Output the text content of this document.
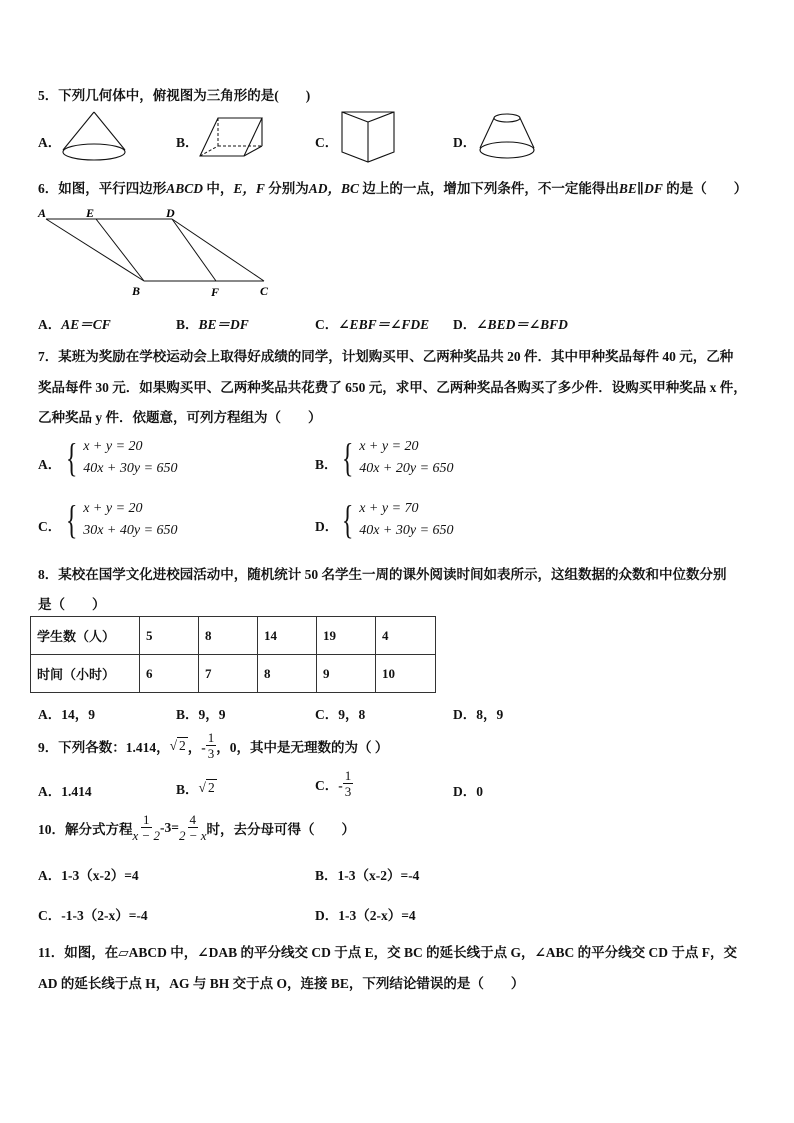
5．下列几何体中，俯视图为三角形的是(　　)
A．	B．	C．	D．
6．如图，平行四边形ABCD 中，E，F 分别为AD，BC 边上的一点，增加下列条件，不一定能得出BE∥DF 的是（　　）
A	E	D
B	F	C
A．AE＝CF	B．BE＝DF	C．∠EBF＝∠FDE D．∠BED＝∠BFD
7．某班为奖励在学校运动会上取得好成绩的同学，计划购买甲、乙两种奖品共 20 件．其中甲种奖品每件 40 元，乙种
奖品每件 30 元．如果购买甲、乙两种奖品共花费了 650 元，求甲、乙两种奖品各购买了多少件．设购买甲种奖品 x 件，
乙种奖品 y 件．依题意，可列方程组为（　　）
A． { x + y = 20
40x + 30y = 650	B． { x + y = 20
40x + 20y = 650
C． { x + y = 20
30x + 40y = 650	D． { x + y = 70
40x + 30y = 650
8．某校在国学文化进校园活动中，随机统计 50 名学生一周的课外阅读时间如表所示，这组数据的众数和中位数分别
是（　　）
学生数（人）	5	8	14	19	4
时间（小时）	6	7	8	9	10
A．14，9	B．9，9	C．9，8	D．8，9
9．下列各数：1.414， √ 2 ，- $\frac{1}{3}$ ，0，其中是无理数的为（ ）
A．1.414	B． √ 2	C．- $\frac{1}{3}$	D．0
10．解分式方程 $\frac{1}{x - 2} -3= \frac{4}{2 - x}$ 时，去分母可得（　　）
A．1-3（x-2）=4	B．1-3（x-2）=-4
C．-1-3（2-x）=-4	D．1-3（2-x）=4
11．如图，在▱ABCD 中，∠DAB 的平分线交 CD 于点 E，交 BC 的延长线于点 G，∠ABC 的平分线交 CD 于点 F，交
AD 的延长线于点 H，AG 与 BH 交于点 O，连接 BE，下列结论错误的是（　　）
